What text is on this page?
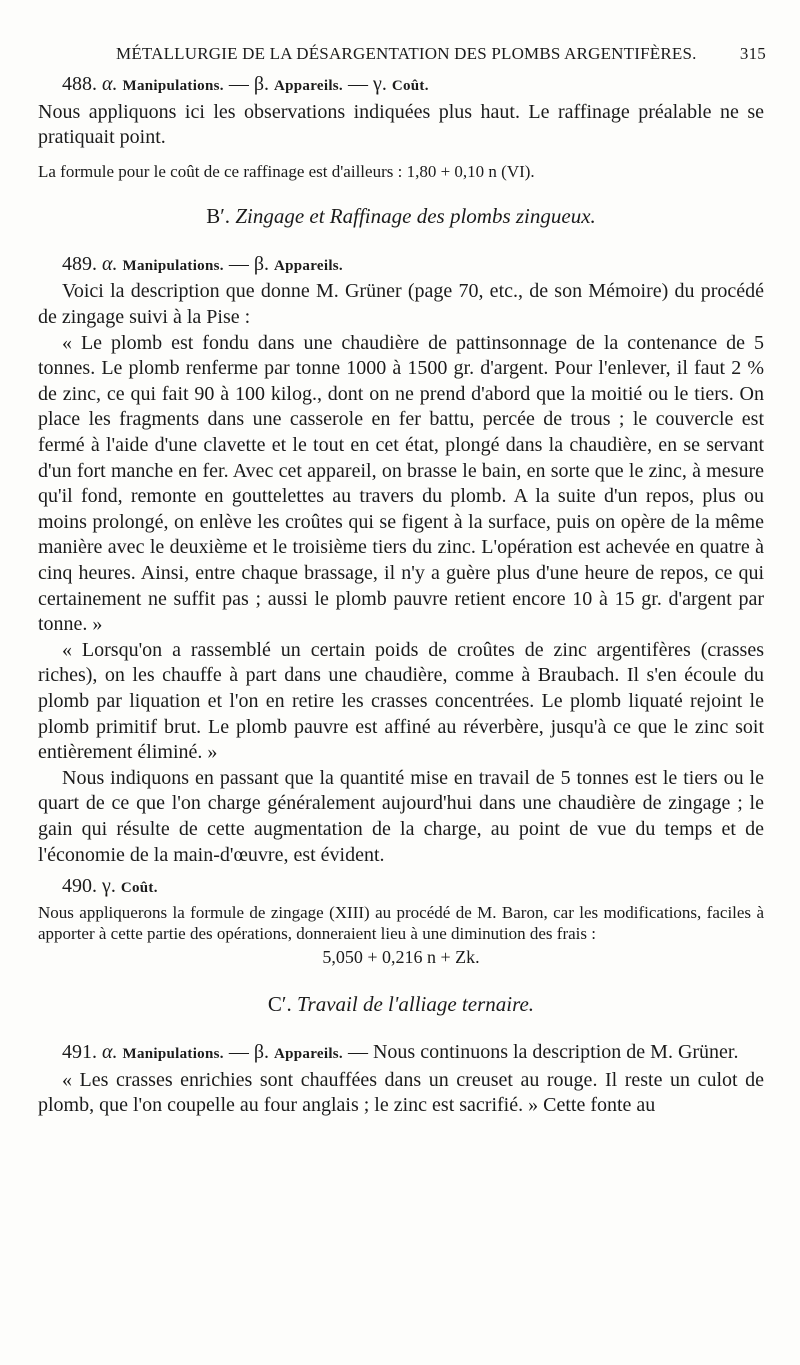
MÉTALLURGIE DE LA DÉSARGENTATION DES PLOMBS ARGENTIFÈRES.	315

488. α. Manipulations. — β. Appareils. — γ. Coût.

Nous appliquons ici les observations indiquées plus haut. Le raffinage préalable ne se pratiquait point.

La formule pour le coût de ce raffinage est d'ailleurs : 1,80 + 0,10 n (VI).

B′. Zingage et Raffinage des plombs zingueux.

489. α. Manipulations. — β. Appareils.

Voici la description que donne M. Grüner (page 70, etc., de son Mémoire) du procédé de zingage suivi à la Pise :

« Le plomb est fondu dans une chaudière de pattinsonnage de la contenance de 5 tonnes. Le plomb renferme par tonne 1000 à 1500 gr. d'argent. Pour l'enlever, il faut 2 % de zinc, ce qui fait 90 à 100 kilog., dont on ne prend d'abord que la moitié ou le tiers. On place les fragments dans une casserole en fer battu, percée de trous ; le couvercle est fermé à l'aide d'une clavette et le tout en cet état, plongé dans la chaudière, en se servant d'un fort manche en fer. Avec cet appareil, on brasse le bain, en sorte que le zinc, à mesure qu'il fond, remonte en gouttelettes au travers du plomb. A la suite d'un repos, plus ou moins prolongé, on enlève les croûtes qui se figent à la surface, puis on opère de la même manière avec le deuxième et le troisième tiers du zinc. L'opération est achevée en quatre à cinq heures. Ainsi, entre chaque brassage, il n'y a guère plus d'une heure de repos, ce qui certainement ne suffit pas ; aussi le plomb pauvre retient encore 10 à 15 gr. d'argent par tonne. »

« Lorsqu'on a rassemblé un certain poids de croûtes de zinc argentifères (crasses riches), on les chauffe à part dans une chaudière, comme à Braubach. Il s'en écoule du plomb par liquation et l'on en retire les crasses concentrées. Le plomb liquaté rejoint le plomb primitif brut. Le plomb pauvre est affiné au réverbère, jusqu'à ce que le zinc soit entièrement éliminé. »

Nous indiquons en passant que la quantité mise en travail de 5 tonnes est le tiers ou le quart de ce que l'on charge généralement aujourd'hui dans une chaudière de zingage ; le gain qui résulte de cette augmentation de la charge, au point de vue du temps et de l'économie de la main-d'œuvre, est évident.

490. γ. Coût.

Nous appliquerons la formule de zingage (XIII) au procédé de M. Baron, car les modifications, faciles à apporter à cette partie des opérations, donneraient lieu à une diminution des frais :

5,050 + 0,216 n + Zk.

C′. Travail de l'alliage ternaire.

491. α. Manipulations. — β. Appareils. — Nous continuons la description de M. Grüner.

« Les crasses enrichies sont chauffées dans un creuset au rouge. Il reste un culot de plomb, que l'on coupelle au four anglais ; le zinc est sacrifié. » Cette fonte au
